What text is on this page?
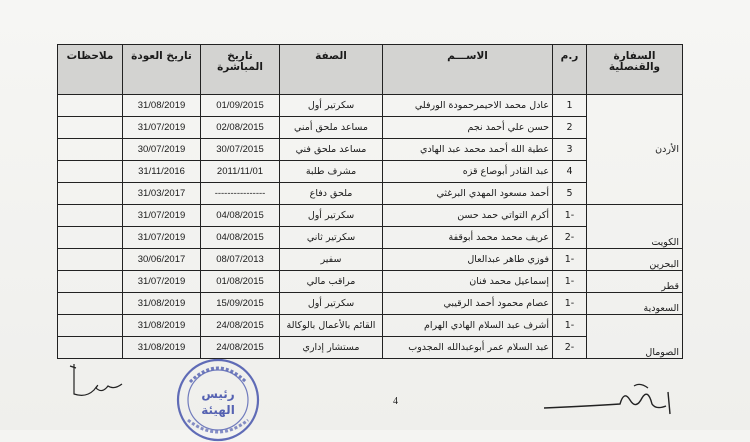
السفارة والقنصلية	ر.م	الاســـم	الصفة	تاريخ المباشرة	تاريخ العودة	ملاحظات
الأردن	1	عادل محمد الاحيمرحمودة الورفلي	سكرتير أول	01/09/2015	31/08/2019	
	2	حسن علي أحمد نجم	مساعد ملحق أمني	02/08/2015	31/07/2019	
	3	عطية الله أحمد محمد عبد الهادي	مساعد ملحق فني	30/07/2015	30/07/2019	
	4	عبد القادر أبوصاع قزه	مشرف طلبة	2011/11/01	31/11/2016	
	5	أحمد مسعود المهدي البرغثي	ملحق دفاع	----------------	31/03/2017	
الكويت	-1	أكرم التواتي حمد حسن	سكرتير أول	04/08/2015	31/07/2019	
	-2	عريف محمد محمد أبوقفة	سكرتير ثاني	04/08/2015	31/07/2019	
البحرين	-1	فوزي طاهر عبدالعال	سفير	08/07/2013	30/06/2017	
قطر	-1	إسماعيل محمد فنان	مراقب مالي	01/08/2015	31/07/2019	
السعودية	-1	عصام محمود أحمد الرقيبي	سكرتير أول	15/09/2015	31/08/2019	
الصومال	-1	أشرف عبد السلام الهادي الهرام	القائم بالأعمال بالوكالة	24/08/2015	31/08/2019	
	-2	عبد السلام عمر أبوعبدالله المجدوب	مستشار إداري	24/08/2015	31/08/2019	
رئيس
الهيئة
4
